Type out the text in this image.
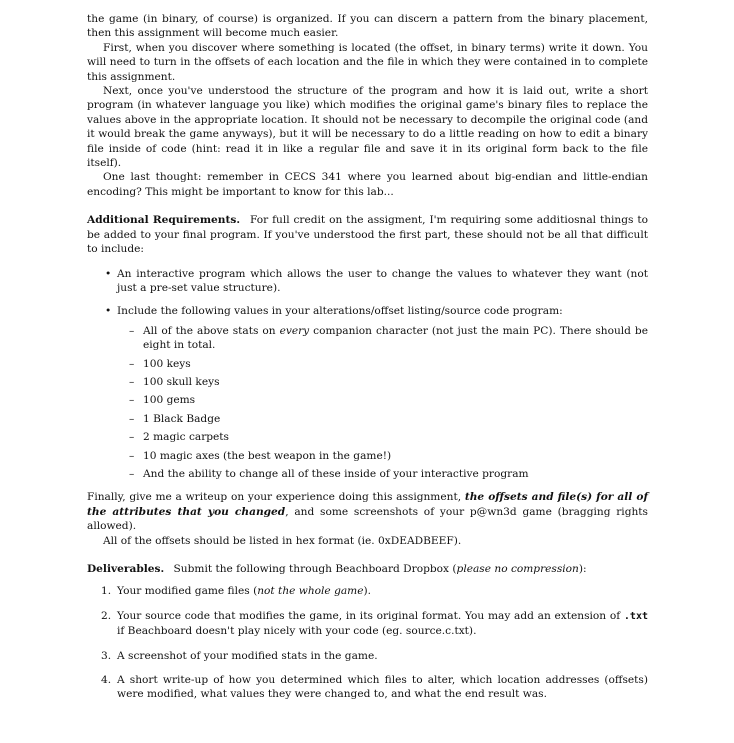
the game (in binary, of course) is organized. If you can discern a pattern from the binary placement, then this assignment will become much easier.

First, when you discover where something is located (the offset, in binary terms) write it down. You will need to turn in the offsets of each location and the file in which they were contained in to complete this assignment.

Next, once you've understood the structure of the program and how it is laid out, write a short program (in whatever language you like) which modifies the original game's binary files to replace the values above in the appropriate location. It should not be necessary to decompile the original code (and it would break the game anyways), but it will be necessary to do a little reading on how to edit a binary file inside of code (hint: read it in like a regular file and save it in its original form back to the file itself).

One last thought: remember in CECS 341 where you learned about big-endian and little-endian encoding? This might be important to know for this lab...

Additional Requirements. For full credit on the assigment, I'm requiring some additiosnal things to be added to your final program. If you've understood the first part, these should not be all that difficult to include:

• An interactive program which allows the user to change the values to whatever they want (not just a pre-set value structure).
• Include the following values in your alterations/offset listing/source code program:
– All of the above stats on every companion character (not just the main PC). There should be eight in total.
– 100 keys
– 100 skull keys
– 100 gems
– 1 Black Badge
– 2 magic carpets
– 10 magic axes (the best weapon in the game!)
– And the ability to change all of these inside of your interactive program

Finally, give me a writeup on your experience doing this assignment, the offsets and file(s) for all of the attributes that you changed, and some screenshots of your p@wn3d game (bragging rights allowed).

All of the offsets should be listed in hex format (ie. 0xDEADBEEF).

Deliverables. Submit the following through Beachboard Dropbox (please no compression):

1. Your modified game files (not the whole game).
2. Your source code that modifies the game, in its original format. You may add an extension of .txt if Beachboard doesn't play nicely with your code (eg. source.c.txt).
3. A screenshot of your modified stats in the game.
4. A short write-up of how you determined which files to alter, which location addresses (offsets) were modified, what values they were changed to, and what the end result was.
